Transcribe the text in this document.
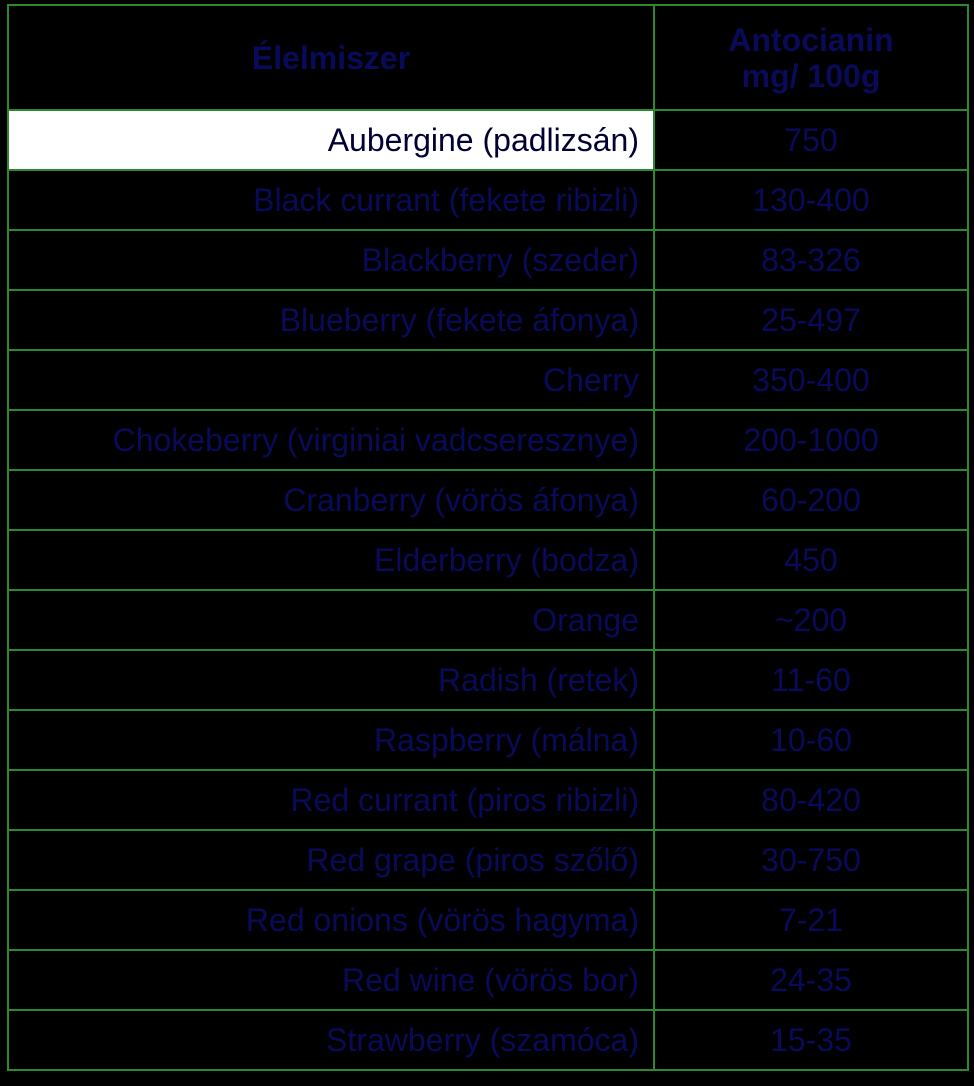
Élelmiszer	Antocianin
mg/ 100g
Aubergine (padlizsán)	750
Black currant (fekete ribizli)	130-400
Blackberry (szeder)	83-326
Blueberry (fekete áfonya)	25-497
Cherry	350-400
Chokeberry (virginiai vadcseresznye)	200-1000
Cranberry (vörös áfonya)	60-200
Elderberry (bodza)	450
Orange	~200
Radish (retek)	11-60
Raspberry (málna)	10-60
Red currant (piros ribizli)	80-420
Red grape (piros szőlő)	30-750
Red onions (vörös hagyma)	7-21
Red wine (vörös bor)	24-35
Strawberry (szamóca)	15-35
